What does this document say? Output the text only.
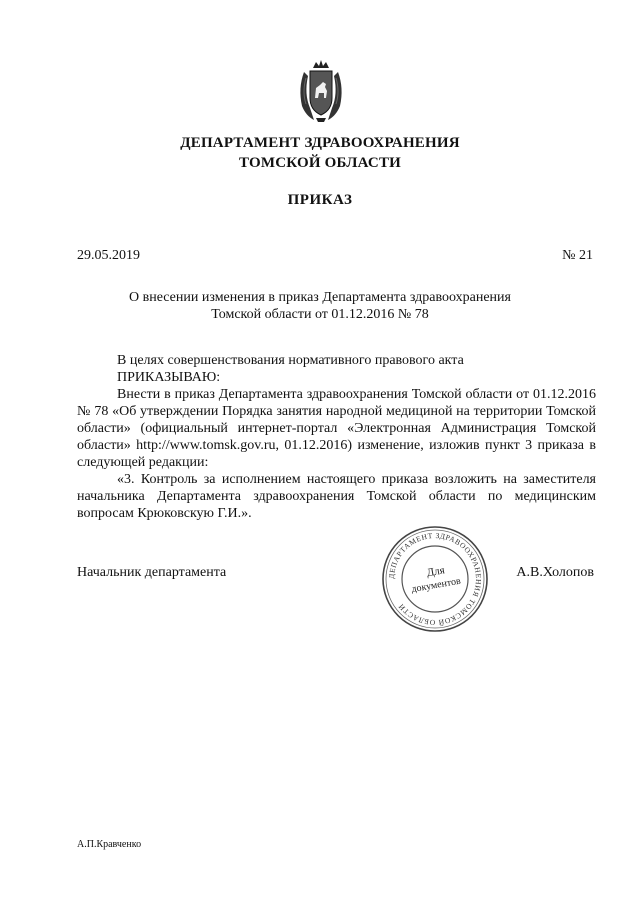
ДЕПАРТАМЕНТ ЗДРАВООХРАНЕНИЯ
ТОМСКОЙ ОБЛАСТИ
ПРИКАЗ
29.05.2019	№ 21
О внесении изменения в приказ Департамента здравоохранения
Томской области от 01.12.2016 № 78

В целях совершенствования нормативного правового акта

ПРИКАЗЫВАЮ:

Внести в приказ Департамента здравоохранения Томской области от 01.12.2016 № 78 «Об утверждении Порядка занятия народной медициной на территории Томской области» (официальный интернет-портал «Электронная Администрация Томской области» http://www.tomsk.gov.ru, 01.12.2016) изменение, изложив пункт 3 приказа в следующей редакции:

«3. Контроль за исполнением настоящего приказа возложить на заместителя начальника Департамента здравоохранения Томской области по медицинским вопросам Крюковскую Г.И.».

Начальник департамента	ДЕПАРТАМЕНТ ЗДРАВООХРАНЕНИЯ ТОМСКОЙ ОБЛАСТИ
Для
документов
А.В.Холопов
А.П.Кравченко
